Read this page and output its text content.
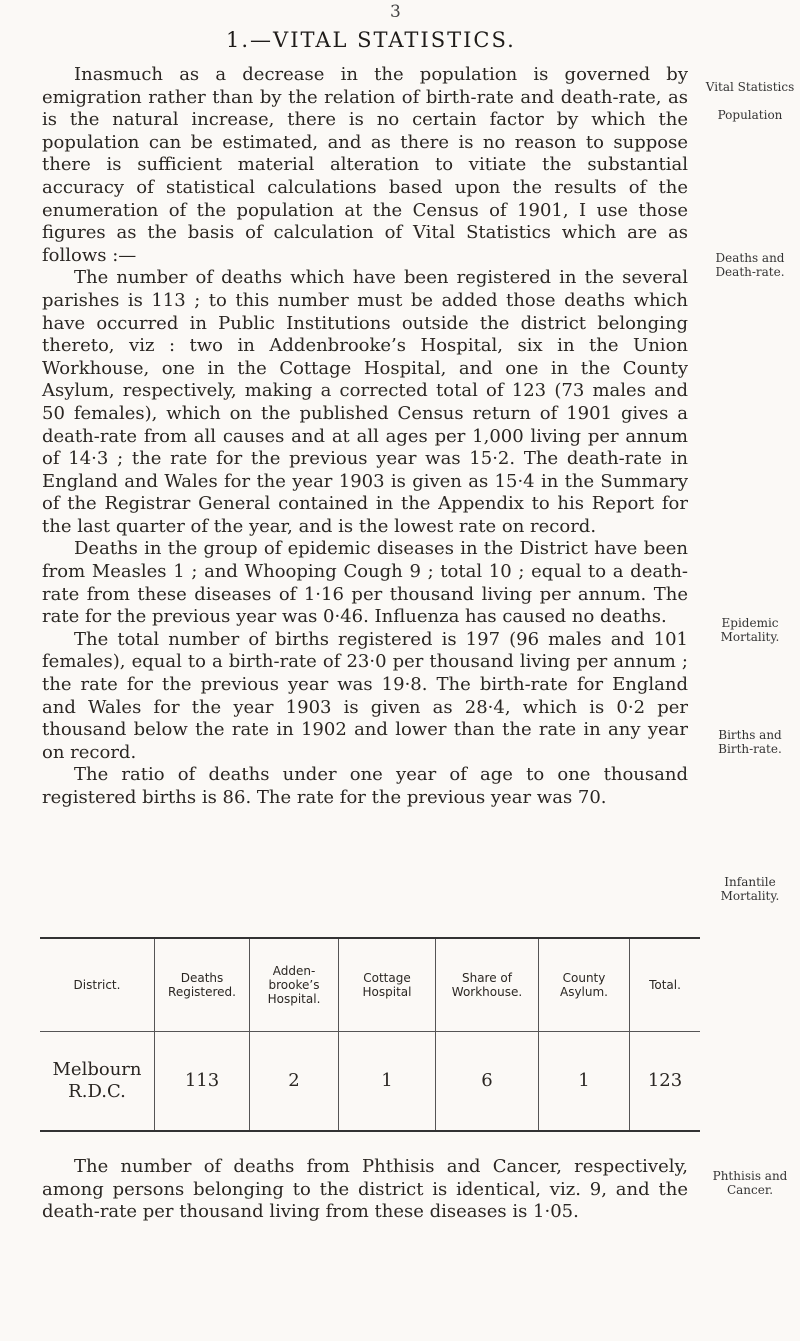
3
1.—VITAL STATISTICS.

Inasmuch as a decrease in the population is governed by emigration rather than by the relation of birth-rate and death-rate, as is the natural increase, there is no certain factor by which the population can be estimated, and as there is no reason to suppose there is sufficient material alteration to vitiate the substantial accuracy of statistical calculations based upon the results of the enumeration of the population at the Census of 1901, I use those figures as the basis of calculation of Vital Statistics which are as follows :—

The number of deaths which have been registered in the several parishes is 113 ; to this number must be added those deaths which have occurred in Public Institutions outside the district belonging thereto, viz : two in Addenbrooke’s Hospital, six in the Union Workhouse, one in the Cottage Hospital, and one in the County Asylum, respectively, making a corrected total of 123 (73 males and 50 females), which on the published Census return of 1901 gives a death-rate from all causes and at all ages per 1,000 living per annum of 14·3 ; the rate for the previous year was 15·2. The death-rate in England and Wales for the year 1903 is given as 15·4 in the Summary of the Registrar General contained in the Appendix to his Report for the last quarter of the year, and is the lowest rate on record.

Deaths in the group of epidemic diseases in the District have been from Measles 1 ; and Whooping Cough 9 ; total 10 ; equal to a death-rate from these diseases of 1·16 per thousand living per annum. The rate for the previous year was 0·46. Influenza has caused no deaths.

The total number of births registered is 197 (96 males and 101 females), equal to a birth-rate of 23·0 per thousand living per annum ; the rate for the previous year was 19·8. The birth-rate for England and Wales for the year 1903 is given as 28·4, which is 0·2 per thousand below the rate in 1902 and lower than the rate in any year on record.

The ratio of deaths under one year of age to one thousand registered births is 86. The rate for the previous year was 70.

Vital Statistics
Population
Deaths and Death-rate.
Epidemic Mortality.
Births and Birth-rate.
Infantile Mortality.
Phthisis and Cancer.
District.	Deaths Registered.	Adden-brooke’s Hospital.	Cottage Hospital	Share of Workhouse.	County Asylum.	Total.
Melbourn R.D.C.	113	2	1	6	1	123

The number of deaths from Phthisis and Cancer, respectively, among persons belonging to the district is identical, viz. 9, and the death-rate per thousand living from these diseases is 1·05.
